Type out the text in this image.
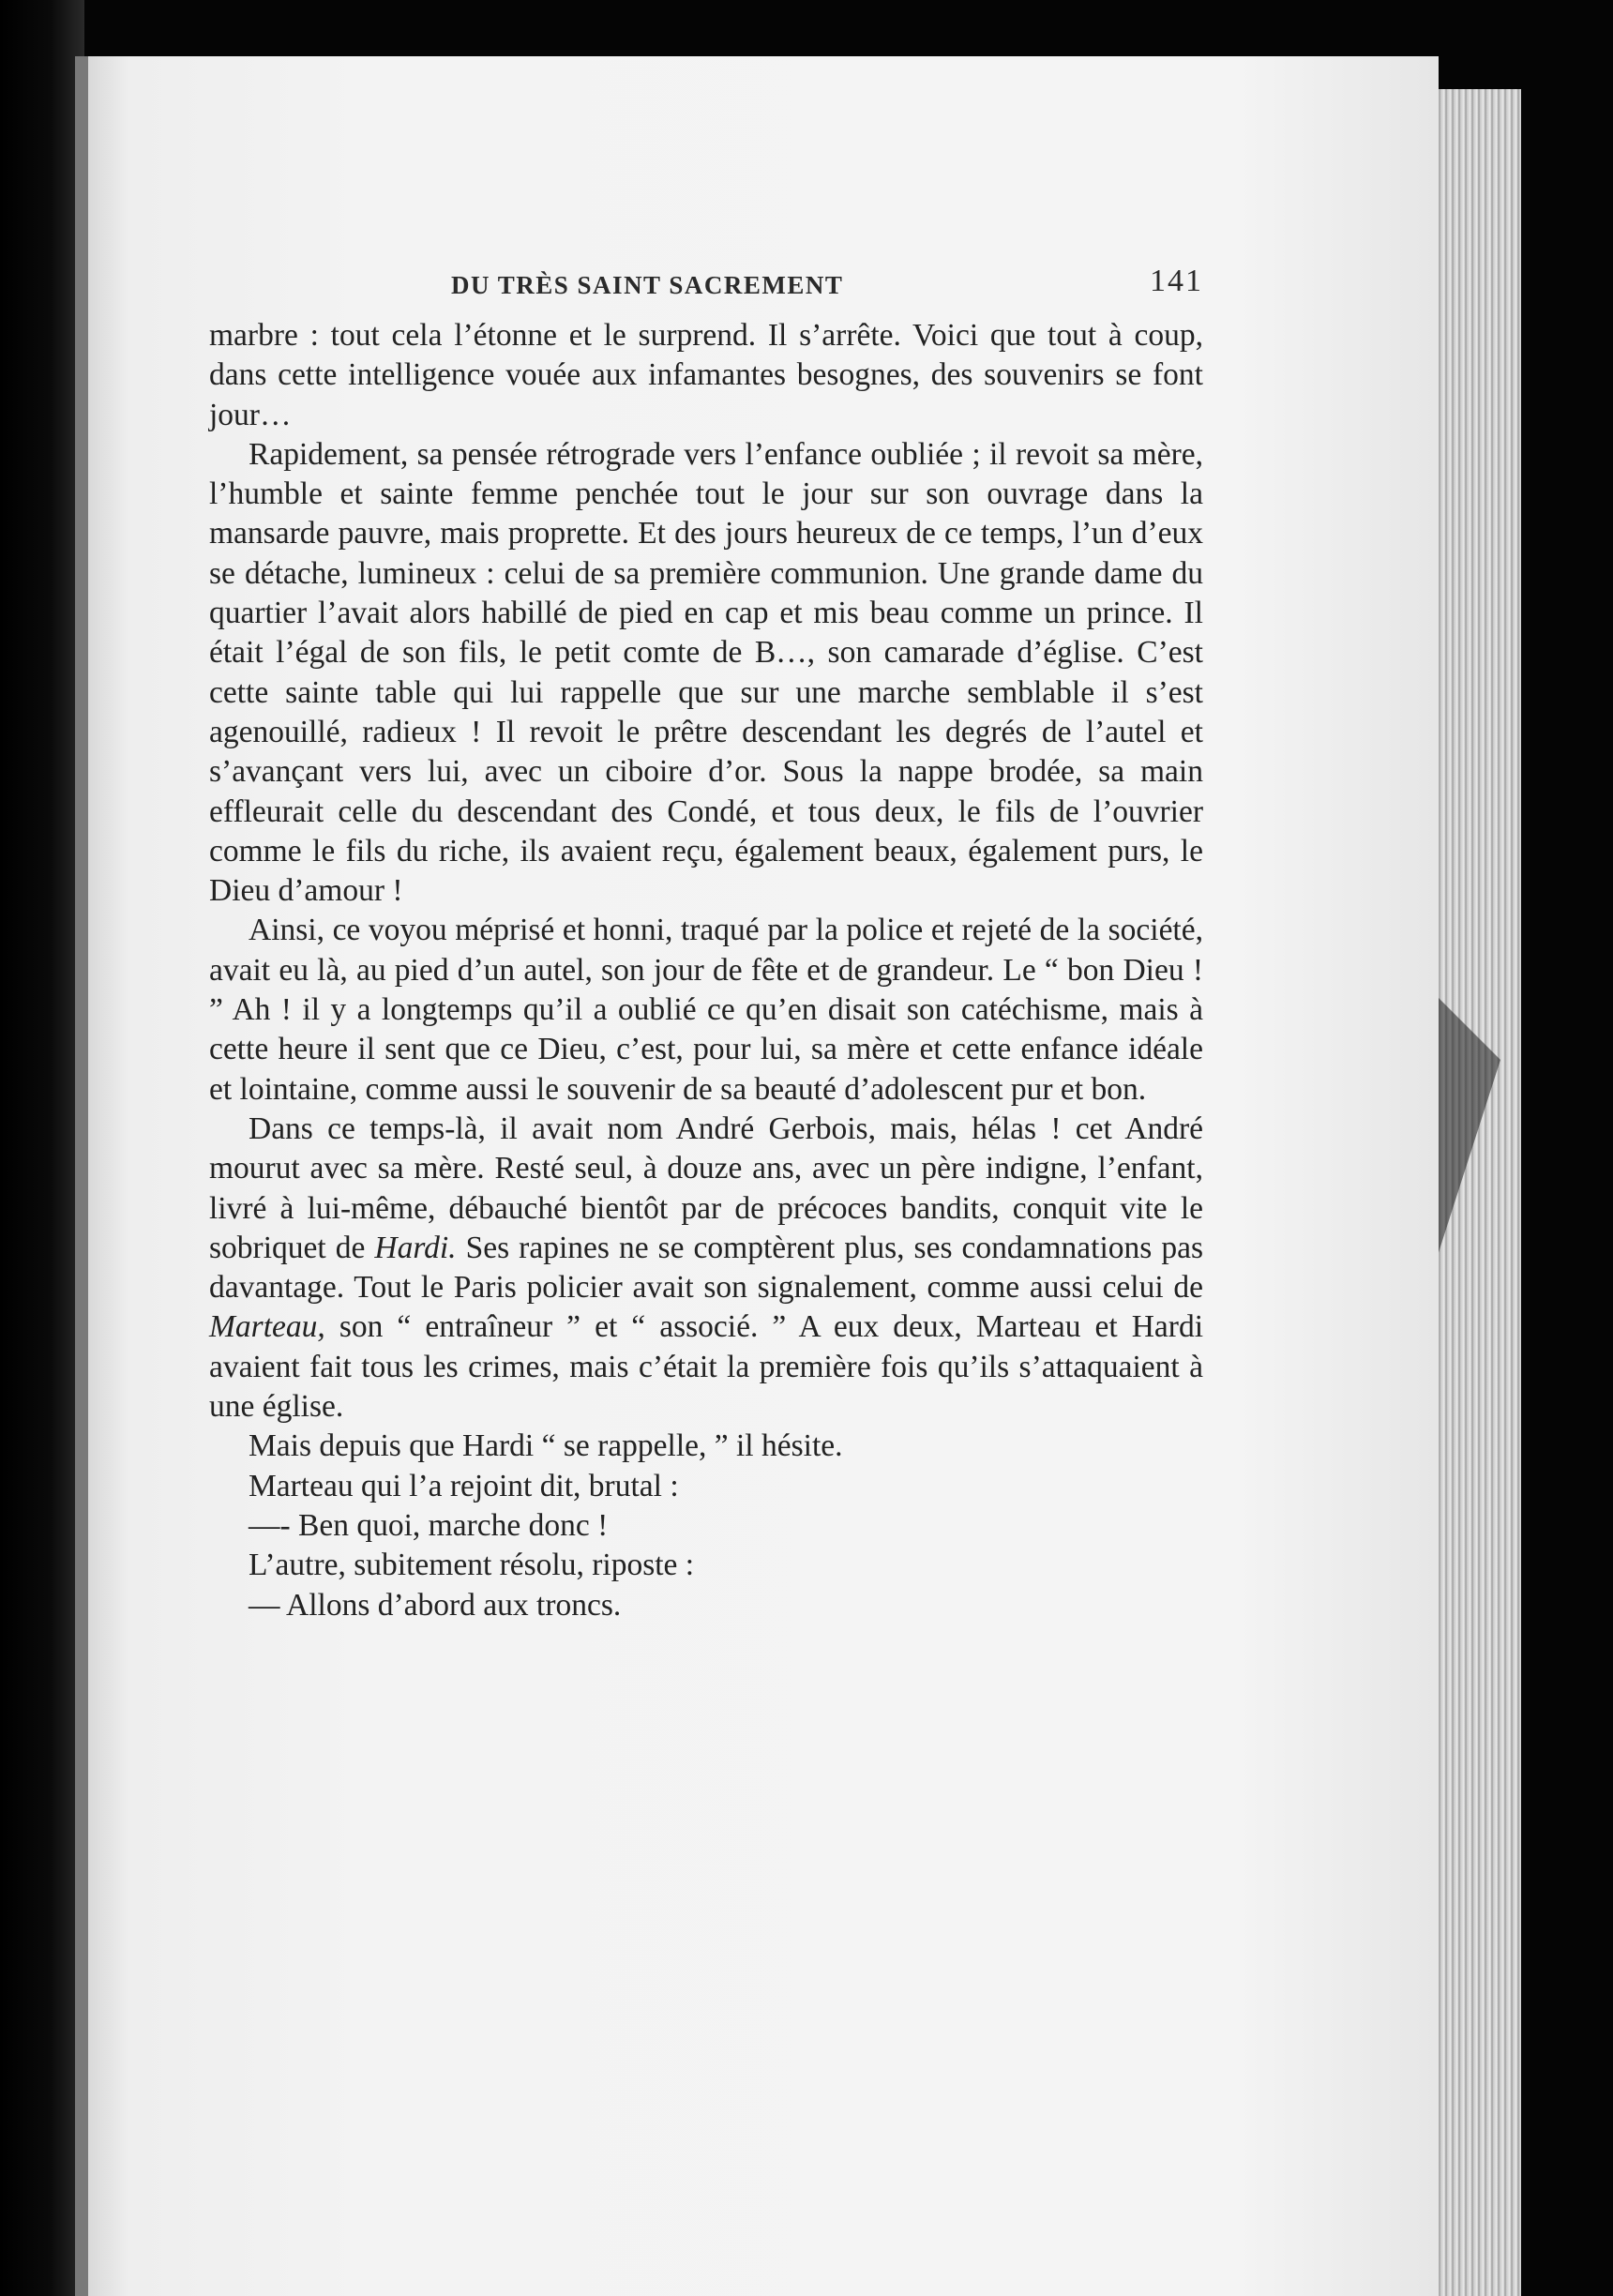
DU TRÈS SAINT SACREMENT	141

marbre : tout cela l’étonne et le surprend. Il s’arrête. Voici que tout à coup, dans cette intelligence vouée aux infamantes besognes, des souvenirs se font jour…

Rapidement, sa pensée rétrograde vers l’enfance oubliée ; il revoit sa mère, l’humble et sainte femme penchée tout le jour sur son ouvrage dans la mansarde pauvre, mais proprette. Et des jours heureux de ce temps, l’un d’eux se détache, lumineux : celui de sa première communion. Une grande dame du quartier l’avait alors habillé de pied en cap et mis beau comme un prince. Il était l’égal de son fils, le petit comte de B…, son camarade d’église. C’est cette sainte table qui lui rappelle que sur une marche semblable il s’est agenouillé, radieux ! Il revoit le prêtre descendant les degrés de l’autel et s’avançant vers lui, avec un ciboire d’or. Sous la nappe brodée, sa main effleurait celle du descendant des Condé, et tous deux, le fils de l’ouvrier comme le fils du riche, ils avaient reçu, également beaux, également purs, le Dieu d’amour !

Ainsi, ce voyou méprisé et honni, traqué par la police et rejeté de la société, avait eu là, au pied d’un autel, son jour de fête et de grandeur. Le “ bon Dieu ! ” Ah ! il y a longtemps qu’il a oublié ce qu’en disait son catéchisme, mais à cette heure il sent que ce Dieu, c’est, pour lui, sa mère et cette enfance idéale et lointaine, comme aussi le souvenir de sa beauté d’adolescent pur et bon.

Dans ce temps-là, il avait nom André Gerbois, mais, hélas ! cet André mourut avec sa mère. Resté seul, à douze ans, avec un père indigne, l’enfant, livré à lui-même, débauché bientôt par de précoces bandits, conquit vite le sobriquet de Hardi. Ses rapines ne se comptèrent plus, ses condamnations pas davantage. Tout le Paris policier avait son signalement, comme aussi celui de Marteau, son “ entraîneur ” et “ associé. ” A eux deux, Marteau et Hardi avaient fait tous les crimes, mais c’était la première fois qu’ils s’attaquaient à une église.

Mais depuis que Hardi “ se rappelle, ” il hésite.

Marteau qui l’a rejoint dit, brutal :

—- Ben quoi, marche donc !

L’autre, subitement résolu, riposte :

— Allons d’abord aux troncs.
